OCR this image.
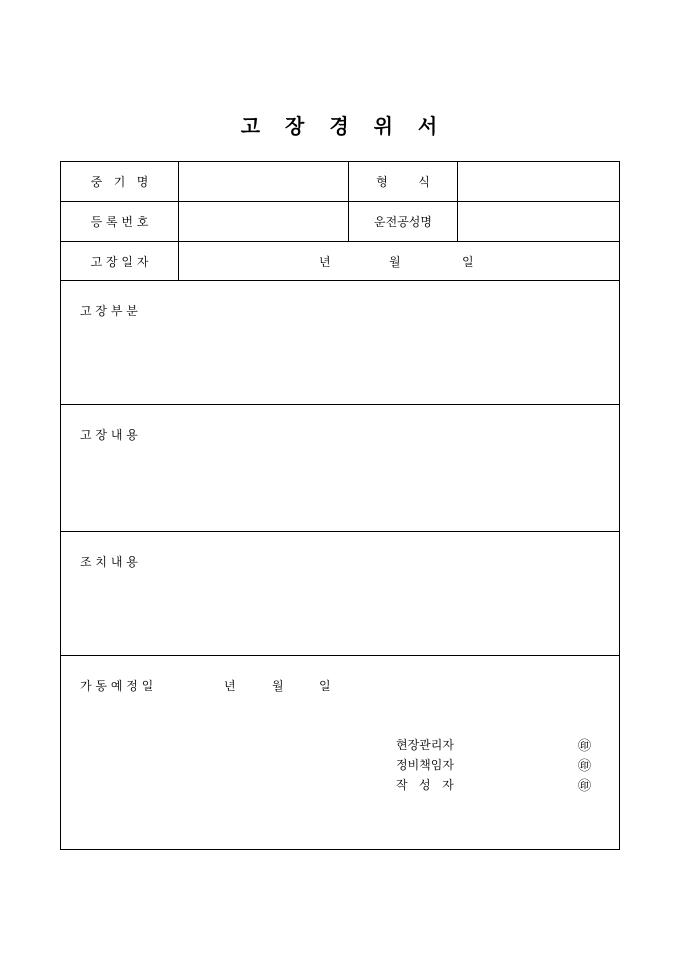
고 장 경 위 서
중   기   명	형        식
등 록 번 호	운전공성명
고 장 일 자	년	월	일
고 장 부 분
고 장 내 용
조 치 내 용
가 동 예 정 일	년	월	일
현장관리자	㊞
정비책임자	㊞
작   성   자	㊞
